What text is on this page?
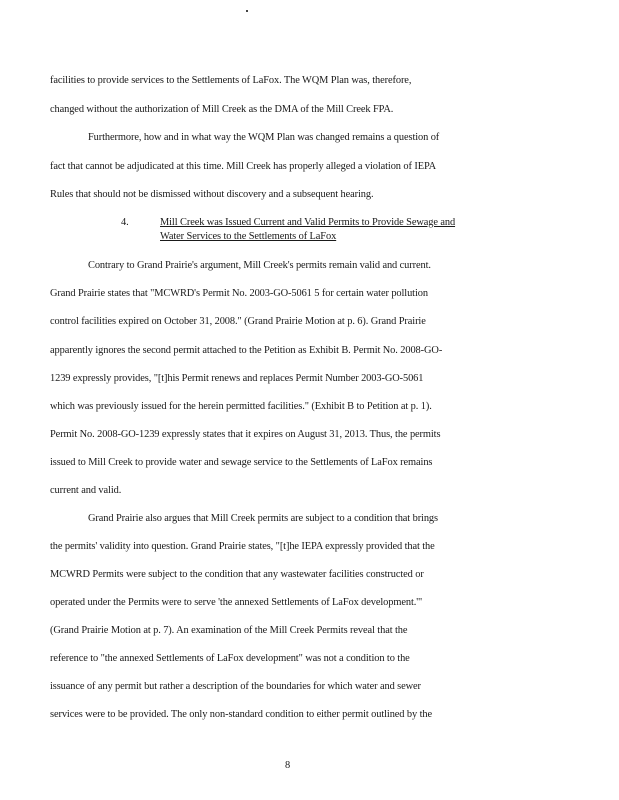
facilities to provide services to the Settlements of LaFox. The WQM Plan was, therefore,
changed without the authorization of Mill Creek as the DMA of the Mill Creek FPA.
Furthermore, how and in what way the WQM Plan was changed remains a question of
fact that cannot be adjudicated at this time. Mill Creek has properly alleged a violation of IEPA
Rules that should not be dismissed without discovery and a subsequent hearing.
4.	Mill Creek was Issued Current and Valid Permits to Provide Sewage and
Water Services to the Settlements of LaFox
Contrary to Grand Prairie's argument, Mill Creek's permits remain valid and current.
Grand Prairie states that "MCWRD's Permit No. 2003-GO-5061 5 for certain water pollution
control facilities expired on October 31, 2008." (Grand Prairie Motion at p. 6). Grand Prairie
apparently ignores the second permit attached to the Petition as Exhibit B. Permit No. 2008-GO-
1239 expressly provides, "[t]his Permit renews and replaces Permit Number 2003-GO-5061
which was previously issued for the herein permitted facilities." (Exhibit B to Petition at p. 1).
Permit No. 2008-GO-1239 expressly states that it expires on August 31, 2013. Thus, the permits
issued to Mill Creek to provide water and sewage service to the Settlements of LaFox remains
current and valid.
Grand Prairie also argues that Mill Creek permits are subject to a condition that brings
the permits' validity into question. Grand Prairie states, "[t]he IEPA expressly provided that the
MCWRD Permits were subject to the condition that any wastewater facilities constructed or
operated under the Permits were to serve 'the annexed Settlements of LaFox development.'"
(Grand Prairie Motion at p. 7). An examination of the Mill Creek Permits reveal that the
reference to "the annexed Settlements of LaFox development" was not a condition to the
issuance of any permit but rather a description of the boundaries for which water and sewer
services were to be provided. The only non-standard condition to either permit outlined by the
8
